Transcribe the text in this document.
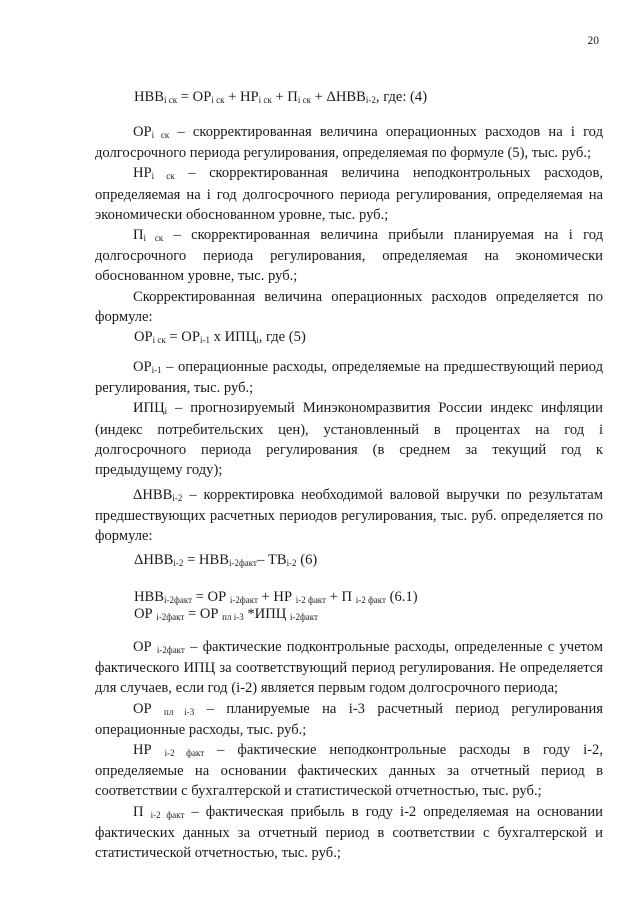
20

НВВi ск = ОРi ск + НРi ск + Пi ск + ΔНВВi-2, где: (4)

ОРi ск – скорректированная величина операционных расходов на i год долгосрочного периода регулирования, определяемая по формуле (5), тыс. руб.;

НРi ск – скорректированная величина неподконтрольных расходов, определяемая на i год долгосрочного периода регулирования, определяемая на экономически обоснованном уровне, тыс. руб.;

Пi ск – скорректированная величина прибыли планируемая на i год долгосрочного периода регулирования, определяемая на экономически обоснованном уровне, тыс. руб.;

Скорректированная величина операционных расходов определяется по формуле:

ОРi ск = ОРi-1 х ИПЦi, где (5)

ОРi-1 – операционные расходы, определяемые на предшествующий период регулирования, тыс. руб.;

ИПЦi – прогнозируемый Минэкономразвития России индекс инфляции (индекс потребительских цен), установленный в процентах на год i долгосрочного периода регулирования (в среднем за текущий год к предыдущему году);

ΔНВВi-2 – корректировка необходимой валовой выручки по результатам предшествующих расчетных периодов регулирования, тыс. руб. определяется по формуле:

ΔНВВi-2 = НВВi-2факт– ТВi-2 (6)

НВВi-2факт = ОР i-2факт + НР i-2 факт + П i-2 факт (6.1)

ОР i-2факт = ОР пл i-3 *ИПЦ i-2факт

ОР i-2факт – фактические подконтрольные расходы, определенные с учетом фактического ИПЦ за соответствующий период регулирования. Не определяется для случаев, если год (i-2) является первым годом долгосрочного периода;

ОР пл i-3 – планируемые на i-3 расчетный период регулирования операционные расходы, тыс. руб.;

НР i-2 факт – фактические неподконтрольные расходы в году i-2, определяемые на основании фактических данных за отчетный период в соответствии с бухгалтерской и статистической отчетностью, тыс. руб.;

П i-2 факт – фактическая прибыль в году i-2 определяемая на основании фактических данных за отчетный период в соответствии с бухгалтерской и статистической отчетностью, тыс. руб.;
